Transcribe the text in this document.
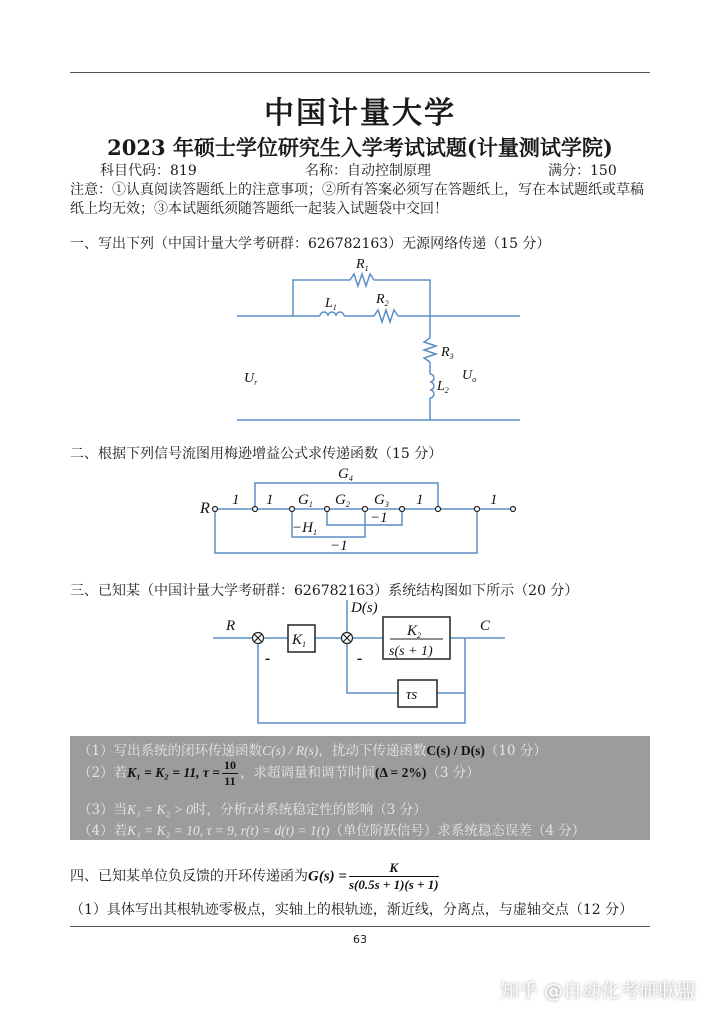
中国计量大学
2023 年硕士学位研究生入学考试试题(计量测试学院)
科目代码：819	名称：自动控制原理	满分：150
注意：①认真阅读答题纸上的注意事项；②所有答案必须写在答题纸上，写在本试题纸或草稿
纸上均无效；③本试题纸须随答题纸一起装入试题袋中交回！
一、写出下列（中国计量大学考研群：626782163）无源网络传递（15 分）
$R_1$
$R_2$
$L_1$
$R_3$
$L_2$
$U_r$	$U_o$
R 1 1 $G_1$ $G_2$ $G_3$
$G_4$
1	1
$-H_1$
−1
−1
R	C
D(s)
$K_1$
$K_2$
s(s + 1)
τs
-	-
二、根据下列信号流图用梅逊增益公式求传递函数（15 分）
三、已知某（中国计量大学考研群：626782163）系统结构图如下所示（20 分）
（1）写出系统的闭环传递函数C(s) / R(s)，扰动下传递函数C(s) / D(s)（10 分）
（2）若K₁ = K₂ = 11, $\tau = \frac{10}{11}$ ，求超调量和调节时间(Δ = 2%)（3 分）
（3）当K₁ = K₂ > 0时，分析τ对系统稳定性的影响（3 分）
（4）若K₁ = K₂ = 10, τ = 9, r(t) = d(t) = 1(t)（单位阶跃信号）求系统稳态误差（4 分）
四、已知某单位负反馈的开环传递函为$G(s) = \frac{K}{s(0.5s + 1)(s + 1)}$
（1）具体写出其根轨迹零极点，实轴上的根轨迹，渐近线，分离点，与虚轴交点（12 分）
63
知乎 @自动化考研联盟
